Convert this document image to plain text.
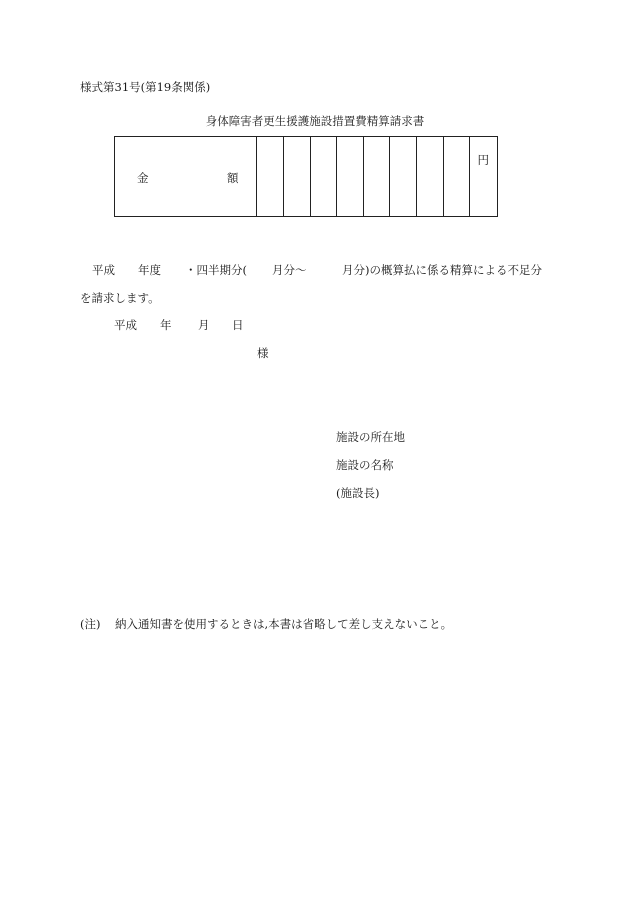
様式第31号(第19条関係)
身体障害者更生援護施設措置費精算請求書
金	額
円
平成 年度 ・四半期分( 月分〜	月分)の概算払に係る精算による不足分
を請求します。
平成 年 月 日
様
施設の所在地
施設の名称
(施設長)
(注) 納入通知書を使用するときは,本書は省略して差し支えないこと。
